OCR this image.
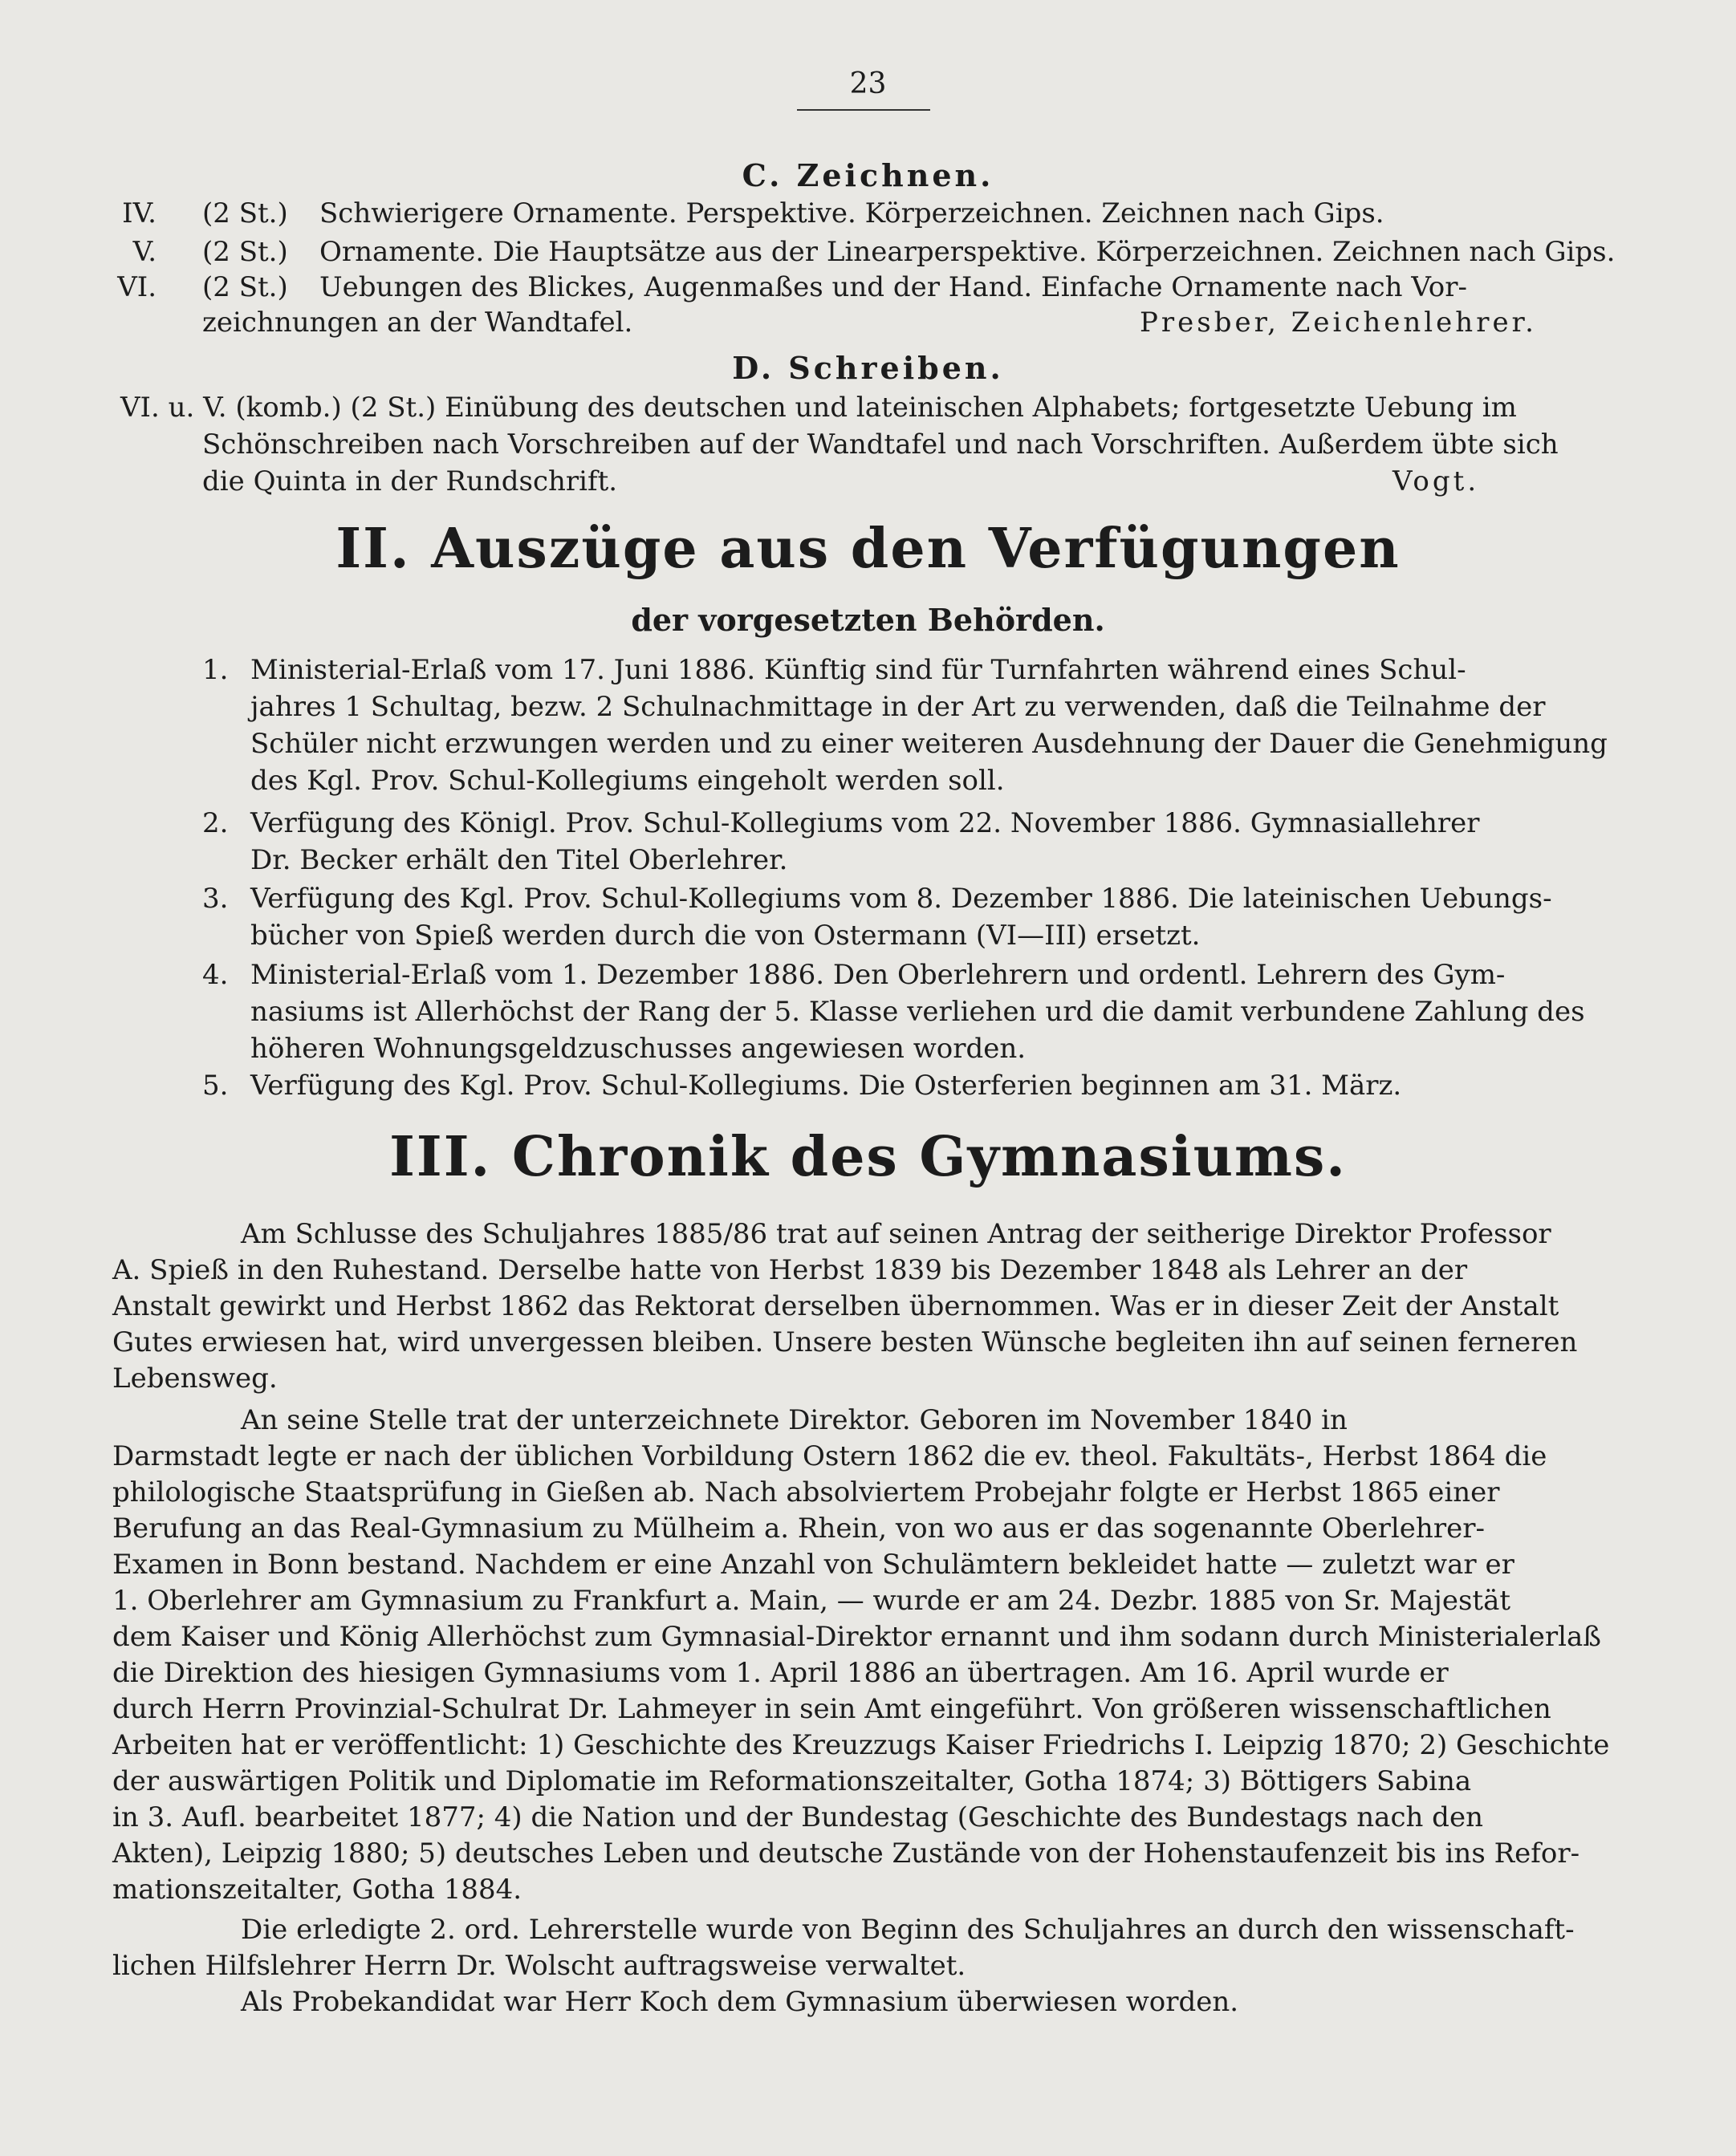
23
C. Zeichnen.
IV. (2 St.) Schwierigere Ornamente. Perspektive. Körperzeichnen. Zeichnen nach Gips.
V. (2 St.) Ornamente. Die Hauptsätze aus der Linearperspektive. Körperzeichnen. Zeichnen nach Gips.
VI. (2 St.) Uebungen des Blickes, Augenmaßes und der Hand. Einfache Ornamente nach Vor-
zeichnungen an der Wandtafel.	Presber, Zeichenlehrer.
D. Schreiben.
VI. u. V. (komb.) (2 St.) Einübung des deutschen und lateinischen Alphabets; fortgesetzte Uebung im
Schönschreiben nach Vorschreiben auf der Wandtafel und nach Vorschriften. Außerdem übte sich
die Quinta in der Rundschrift.	Vogt.
II. Auszüge aus den Verfügungen
der vorgesetzten Behörden.
1. Ministerial-Erlaß vom 17. Juni 1886. Künftig sind für Turnfahrten während eines Schul-
jahres 1 Schultag, bezw. 2 Schulnachmittage in der Art zu verwenden, daß die Teilnahme der
Schüler nicht erzwungen werden und zu einer weiteren Ausdehnung der Dauer die Genehmigung
des Kgl. Prov. Schul-Kollegiums eingeholt werden soll.
2. Verfügung des Königl. Prov. Schul-Kollegiums vom 22. November 1886. Gymnasiallehrer
Dr. Becker erhält den Titel Oberlehrer.
3. Verfügung des Kgl. Prov. Schul-Kollegiums vom 8. Dezember 1886. Die lateinischen Uebungs-
bücher von Spieß werden durch die von Ostermann (VI—III) ersetzt.
4. Ministerial-Erlaß vom 1. Dezember 1886. Den Oberlehrern und ordentl. Lehrern des Gym-
nasiums ist Allerhöchst der Rang der 5. Klasse verliehen urd die damit verbundene Zahlung des
höheren Wohnungsgeldzuschusses angewiesen worden.
5. Verfügung des Kgl. Prov. Schul-Kollegiums. Die Osterferien beginnen am 31. März.
III. Chronik des Gymnasiums.
Am Schlusse des Schuljahres 1885/86 trat auf seinen Antrag der seitherige Direktor Professor
A. Spieß in den Ruhestand. Derselbe hatte von Herbst 1839 bis Dezember 1848 als Lehrer an der
Anstalt gewirkt und Herbst 1862 das Rektorat derselben übernommen. Was er in dieser Zeit der Anstalt
Gutes erwiesen hat, wird unvergessen bleiben. Unsere besten Wünsche begleiten ihn auf seinen ferneren
Lebensweg.
An seine Stelle trat der unterzeichnete Direktor. Geboren im November 1840 in
Darmstadt legte er nach der üblichen Vorbildung Ostern 1862 die ev. theol. Fakultäts-, Herbst 1864 die
philologische Staatsprüfung in Gießen ab. Nach absolviertem Probejahr folgte er Herbst 1865 einer
Berufung an das Real-Gymnasium zu Mülheim a. Rhein, von wo aus er das sogenannte Oberlehrer-
Examen in Bonn bestand. Nachdem er eine Anzahl von Schulämtern bekleidet hatte — zuletzt war er
1. Oberlehrer am Gymnasium zu Frankfurt a. Main, — wurde er am 24. Dezbr. 1885 von Sr. Majestät
dem Kaiser und König Allerhöchst zum Gymnasial-Direktor ernannt und ihm sodann durch Ministerialerlaß
die Direktion des hiesigen Gymnasiums vom 1. April 1886 an übertragen. Am 16. April wurde er
durch Herrn Provinzial-Schulrat Dr. Lahmeyer in sein Amt eingeführt. Von größeren wissenschaftlichen
Arbeiten hat er veröffentlicht: 1) Geschichte des Kreuzzugs Kaiser Friedrichs I. Leipzig 1870; 2) Geschichte
der auswärtigen Politik und Diplomatie im Reformationszeitalter, Gotha 1874; 3) Böttigers Sabina
in 3. Aufl. bearbeitet 1877; 4) die Nation und der Bundestag (Geschichte des Bundestags nach den
Akten), Leipzig 1880; 5) deutsches Leben und deutsche Zustände von der Hohenstaufenzeit bis ins Refor-
mationszeitalter, Gotha 1884.
Die erledigte 2. ord. Lehrerstelle wurde von Beginn des Schuljahres an durch den wissenschaft-
lichen Hilfslehrer Herrn Dr. Wolscht auftragsweise verwaltet.
Als Probekandidat war Herr Koch dem Gymnasium überwiesen worden.
